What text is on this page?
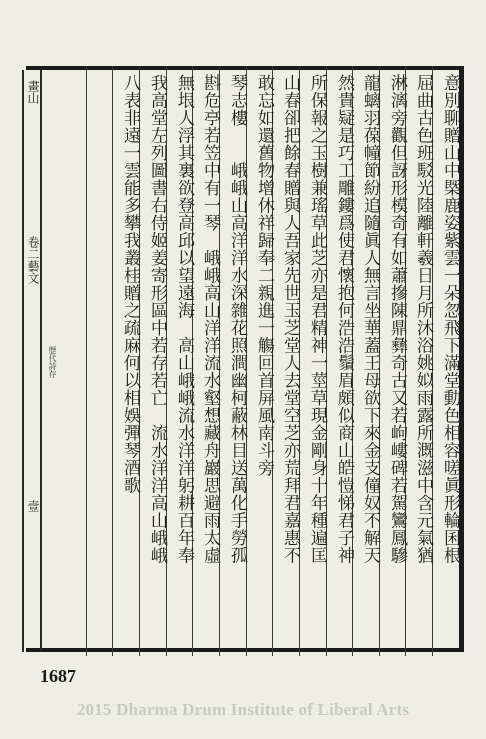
畫山
卷二藝文
歷代詩存
壹	意別聊贈山中槩鹿姿紫雲一朵忽飛下滿堂動色相容嗟眞形輪囷根
屈曲古色班駁光陸離軒羲日月所沐浴姚姒雨露所溉滋中含元氣猶
淋漓旁觀但訝形模奇有如蕭摻陳鼎彝奇古又若岣嶁碑若駕鸞鳳驂
龍螭羽葆幢節紛追隨眞人無言坐華蓋王母欲下來金支僮奴不解天
然貴疑是巧工雕鏤爲使君懷抱何浩浩鬚眉頗似商山皓愷悌君子神
所保報之玉樹兼瑤草此芝亦是君精神一莖草現金剛身十年種遍匡
山春卻把餘春贈與人吾家先世玉芝堂人去堂空芝亦荒拜君嘉惠不
敢忘如還舊物增休祥歸奉二親進一觴回首屏風南斗旁
琴志樓　　峨峨山高洋洋水深雜花照澗幽柯蔽林目送萬化手勞孤
斟危亭若笠中有一琴　峨峨高山洋洋流水壑想藏舟巖思避雨太虛
無垠人浮其裏欲登高邱以望遠海　高山峨峨流水洋洋躬耕百年奉
我高堂左列圖書右侍姬姜寄形區中若存若亡　流水洋洋高山峨峨
八表非遠一雲能多攀我叢桂贈之疏麻何以相娛彈琴酒歌
1687
2015 Dharma Drum Institute of Liberal Arts
